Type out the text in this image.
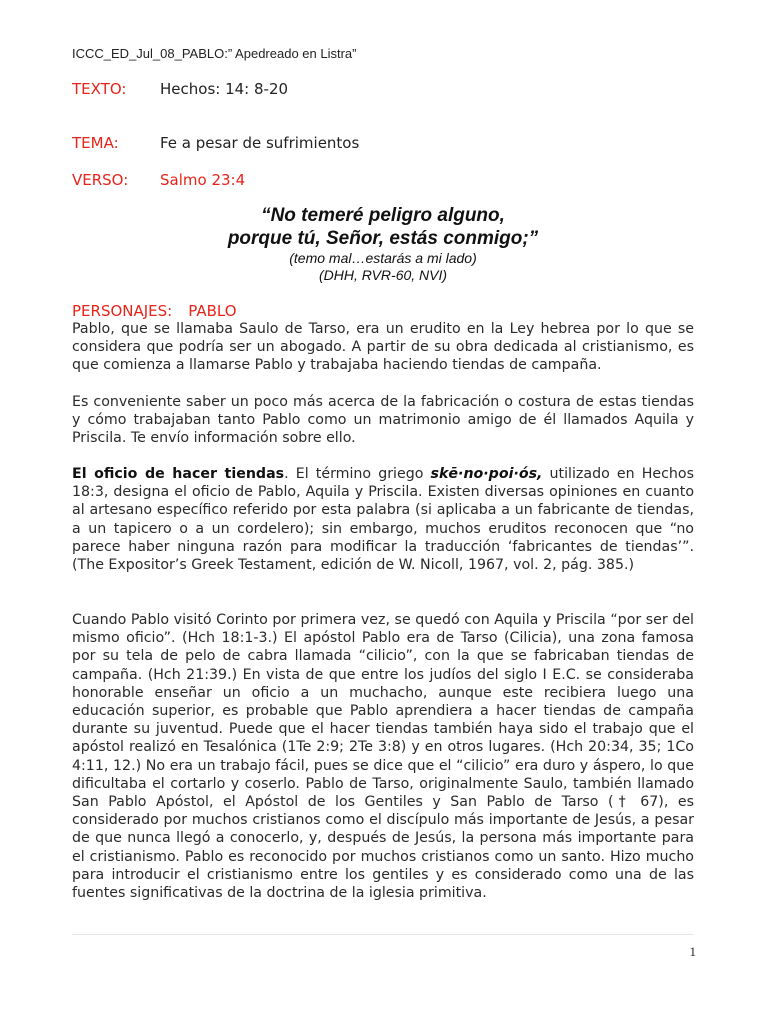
ICCC_ED_Jul_08_PABLO:” Apedreado en Listra”
TEXTO: Hechos: 14: 8-20
TEMA:	Fe a pesar de sufrimientos
VERSO: Salmo 23:4
“No temeré peligro alguno,
porque tú, Señor, estás conmigo;”
(temo mal…estarás a mi lado)
(DHH, RVR-60, NVI)
PERSONAJES: PABLO

Pablo, que se llamaba Saulo de Tarso, era un erudito en la Ley hebrea por lo que se considera que podría ser un abogado. A partir de su obra dedicada al cristianismo, es que comienza a llamarse Pablo y trabajaba haciendo tiendas de campaña.

Es conveniente saber un poco más acerca de la fabricación o costura de estas tiendas y cómo trabajaban tanto Pablo como un matrimonio amigo de él llamados Aquila y Priscila. Te envío información sobre ello.

El oficio de hacer tiendas. El término griego skē·no·poi·ós, utilizado en Hechos 18:3, designa el oficio de Pablo, Aquila y Priscila. Existen diversas opiniones en cuanto al artesano específico referido por esta palabra (si aplicaba a un fabricante de tiendas, a un tapicero o a un cordelero); sin embargo, muchos eruditos reconocen que “no parece haber ninguna razón para modificar la traducción ‘fabricantes de tiendas’”. (The Expositor’s Greek Testament, edición de W. Nicoll, 1967, vol. 2, pág. 385.)

Cuando Pablo visitó Corinto por primera vez, se quedó con Aquila y Priscila “por ser del mismo oficio”. (Hch 18:1-3.) El apóstol Pablo era de Tarso (Cilicia), una zona famosa por su tela de pelo de cabra llamada “cilicio”, con la que se fabricaban tiendas de campaña. (Hch 21:39.) En vista de que entre los judíos del siglo I E.C. se consideraba honorable enseñar un oficio a un muchacho, aunque este recibiera luego una educación superior, es probable que Pablo aprendiera a hacer tiendas de campaña durante su juventud. Puede que el hacer tiendas también haya sido el trabajo que el apóstol realizó en Tesalónica (1Te 2:9; 2Te 3:8) y en otros lugares. (Hch 20:34, 35; 1Co 4:11, 12.) No era un trabajo fácil, pues se dice que el “cilicio” era duro y áspero, lo que dificultaba el cortarlo y coserlo. Pablo de Tarso, originalmente Saulo, también llamado San Pablo Apóstol, el Apóstol de los Gentiles y San Pablo de Tarso († 67), es considerado por muchos cristianos como el discípulo más importante de Jesús, a pesar de que nunca llegó a conocerlo, y, después de Jesús, la persona más importante para el cristianismo. Pablo es reconocido por muchos cristianos como un santo. Hizo mucho para introducir el cristianismo entre los gentiles y es considerado como una de las fuentes significativas de la doctrina de la iglesia primitiva.

1
